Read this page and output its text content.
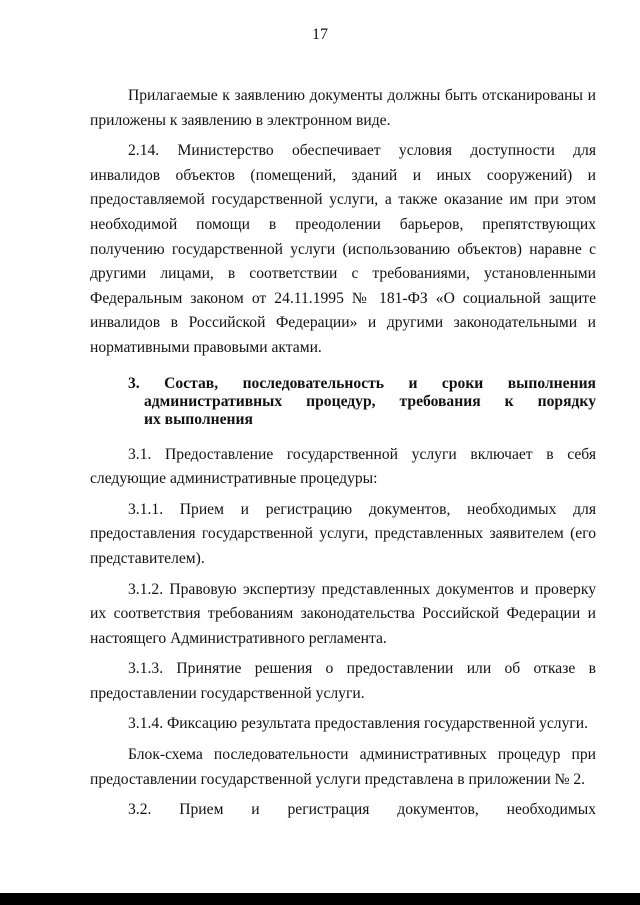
17

Прилагаемые к заявлению документы должны быть отсканированы и приложены к заявлению в электронном виде.

2.14. Министерство обеспечивает условия доступности для инвалидов объектов (помещений, зданий и иных сооружений) и предоставляемой государственной услуги, а также оказание им при этом необходимой помощи в преодолении барьеров, препятствующих получению государственной услуги (использованию объектов) наравне с другими лицами, в соответствии с требованиями, установленными Федеральным законом от 24.11.1995 № 181-ФЗ «О социальной защите инвалидов в Российской Федерации» и другими законодательными и нормативными правовыми актами.

3. Состав, последовательность и сроки выполнения
административных процедур, требования к порядку
их выполнения

3.1. Предоставление государственной услуги включает в себя следующие административные процедуры:

3.1.1. Прием и регистрацию документов, необходимых для предоставления государственной услуги, представленных заявителем (его представителем).

3.1.2. Правовую экспертизу представленных документов и проверку их соответствия требованиям законодательства Российской Федерации и настоящего Административного регламента.

3.1.3. Принятие решения о предоставлении или об отказе в предоставлении государственной услуги.

3.1.4. Фиксацию результата предоставления государственной услуги.

Блок-схема последовательности административных процедур при предоставлении государственной услуги представлена в приложении № 2.

3.2. Прием и регистрация документов, необходимых
